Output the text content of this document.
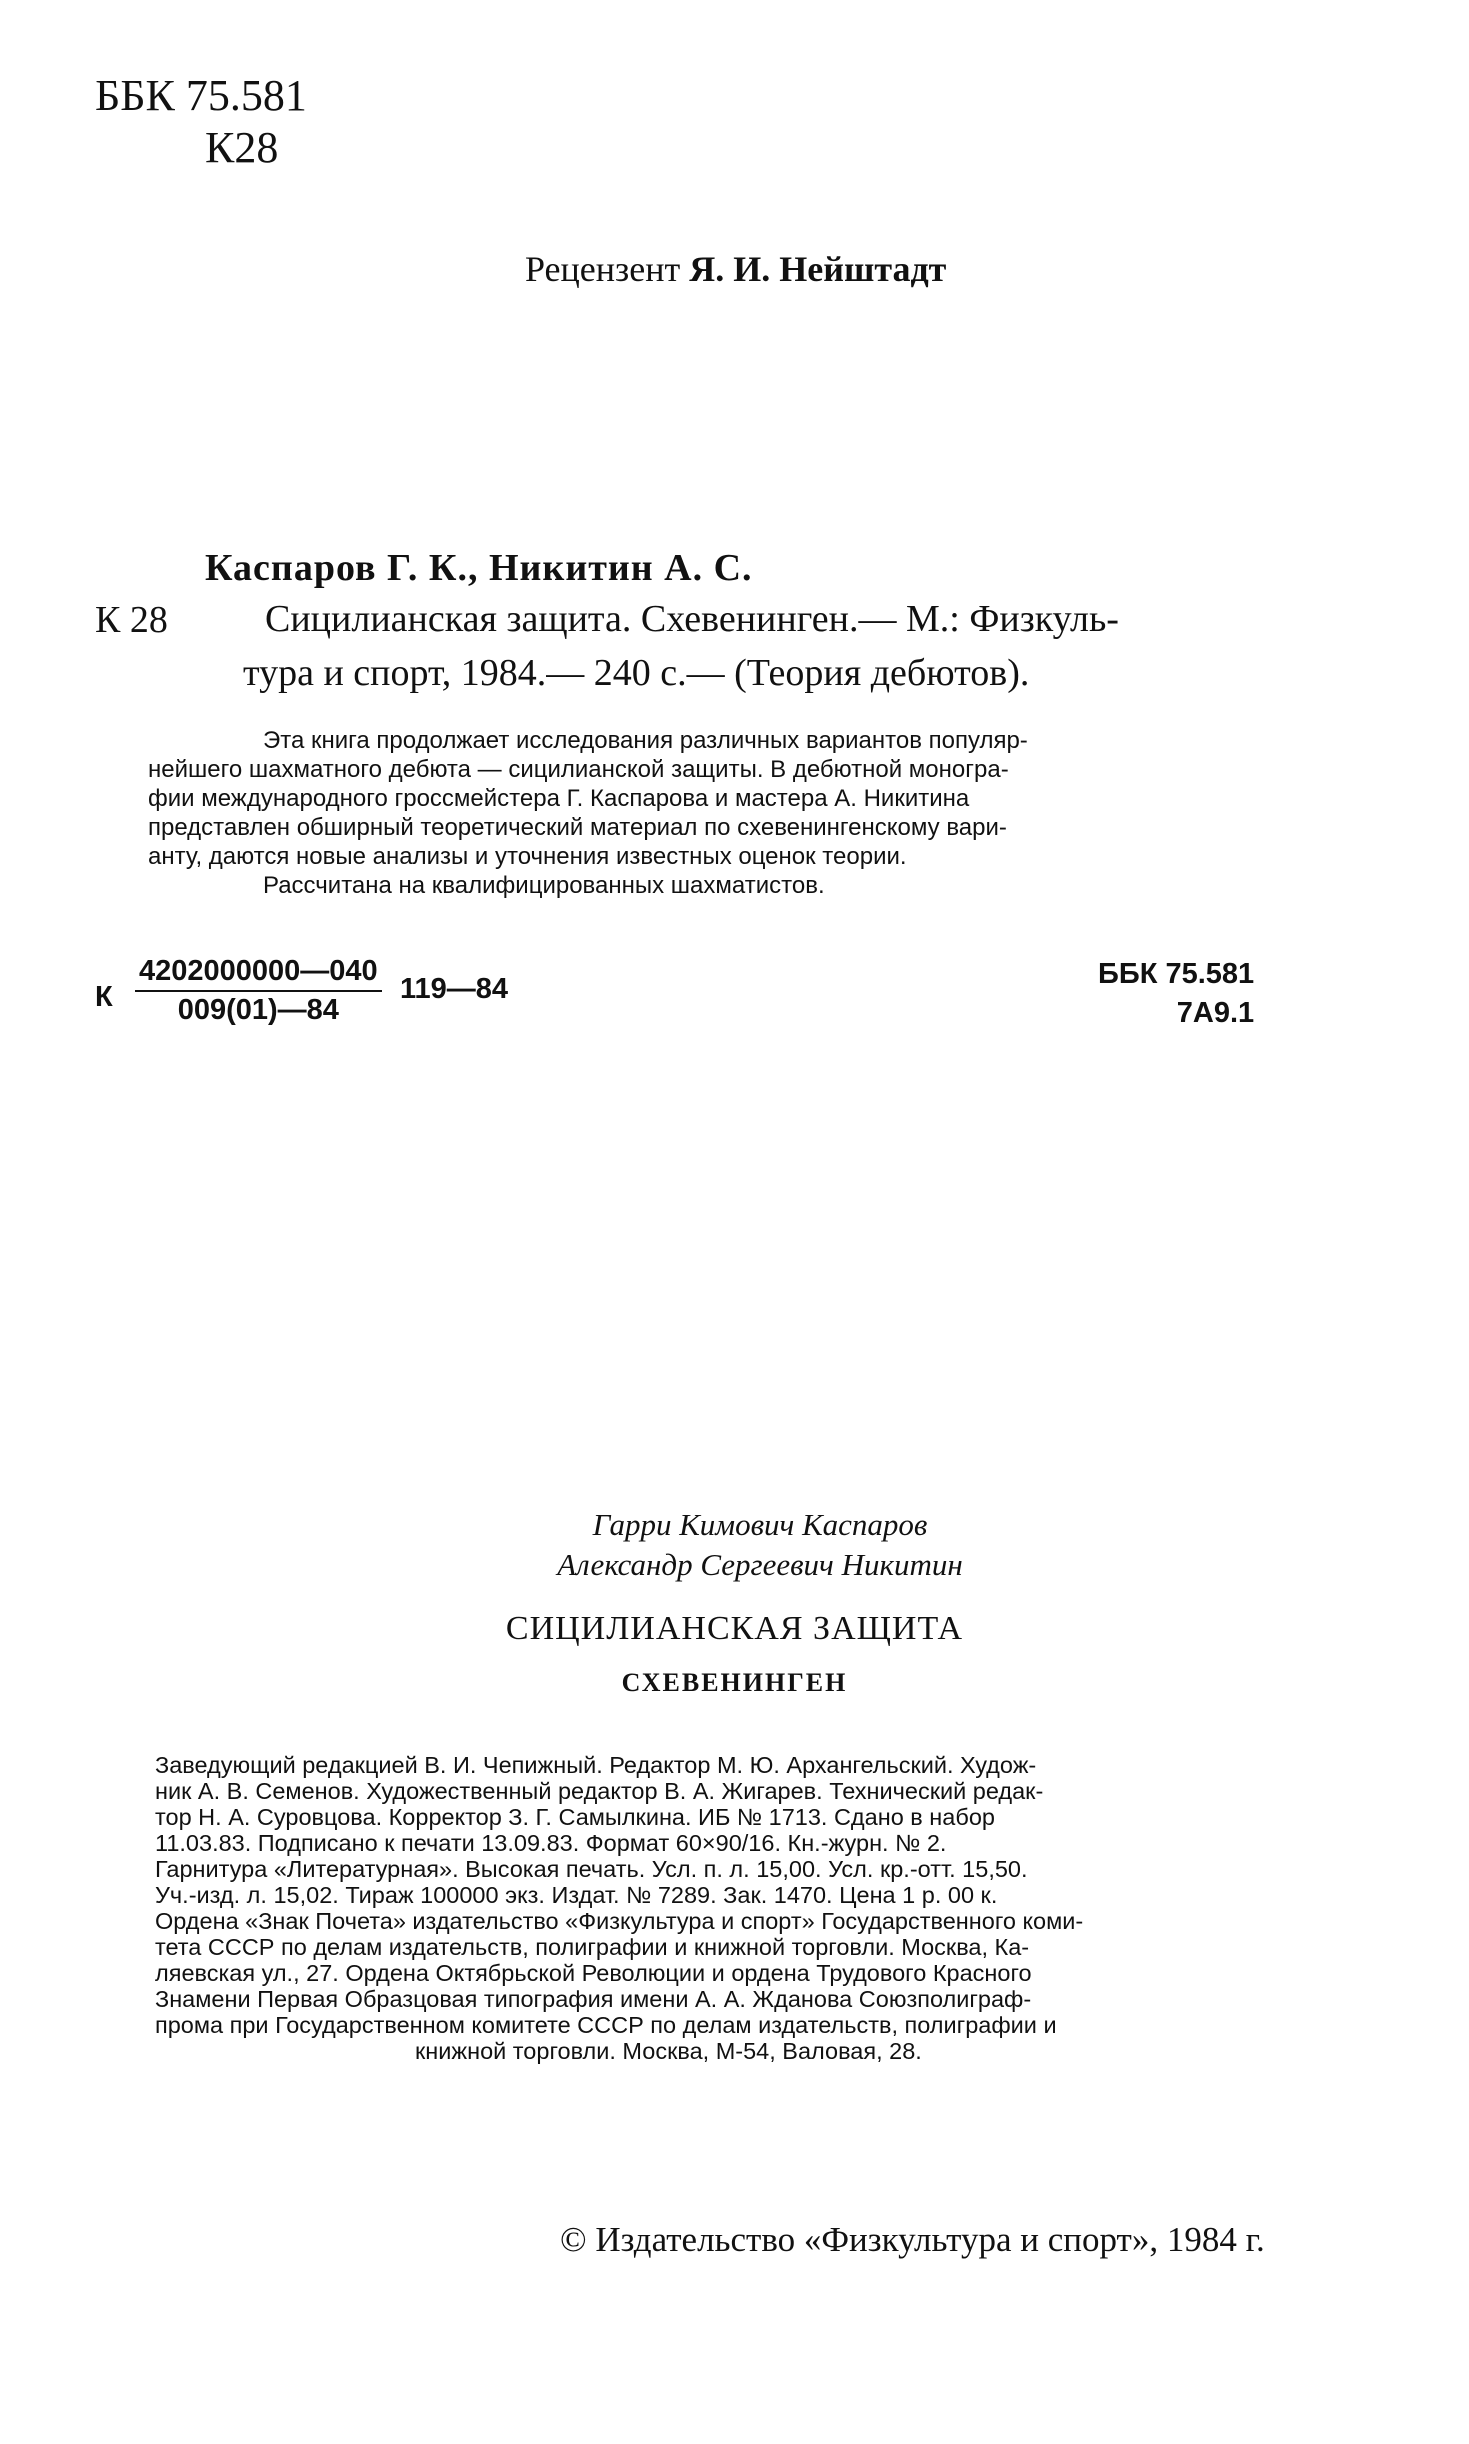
ББК 75.581
К28
Рецензент Я. И. Нейштадт
Каспаров Г. К., Никитин А. С.
К 28	Сицилианская защита. Схевенинген.— М.: Физкуль-
тура и спорт, 1984.— 240 с.— (Теория дебютов).
Эта книга продолжает исследования различных вариантов популяр-
нейшего шахматного дебюта — сицилианской защиты. В дебютной моногра-
фии международного гроссмейстера Г. Каспарова и мастера А. Никитина
представлен обширный теоретический материал по схевенингенскому вари-
анту, даются новые анализы и уточнения известных оценок теории.
Рассчитана на квалифицированных шахматистов.
К $\frac{4202000000—040}{009(01)—84}$ 119—84	ББК 75.581
7А9.1
Гарри Кимович Каспаров
Александр Сергеевич Никитин
СИЦИЛИАНСКАЯ ЗАЩИТА
СХЕВЕНИНГЕН
Заведующий редакцией В. И. Чепижный. Редактор М. Ю. Архангельский. Худож-
ник А. В. Семенов. Художественный редактор В. А. Жигарев. Технический редак-
тор Н. А. Суровцова. Корректор З. Г. Самылкина. ИБ № 1713. Сдано в набор
11.03.83. Подписано к печати 13.09.83. Формат 60×90/16. Кн.-журн. № 2.
Гарнитура «Литературная». Высокая печать. Усл. п. л. 15,00. Усл. кр.-отт. 15,50.
Уч.-изд. л. 15,02. Тираж 100000 экз. Издат. № 7289. Зак. 1470. Цена 1 р. 00 к.
Ордена «Знак Почета» издательство «Физкультура и спорт» Государственного коми-
тета СССР по делам издательств, полиграфии и книжной торговли. Москва, Ка-
ляевская ул., 27. Ордена Октябрьской Революции и ордена Трудового Красного
Знамени Первая Образцовая типография имени А. А. Жданова Союзполиграф-
прома при Государственном комитете СССР по делам издательств, полиграфии и
книжной торговли. Москва, М-54, Валовая, 28.
© Издательство «Физкультура и спорт», 1984 г.
